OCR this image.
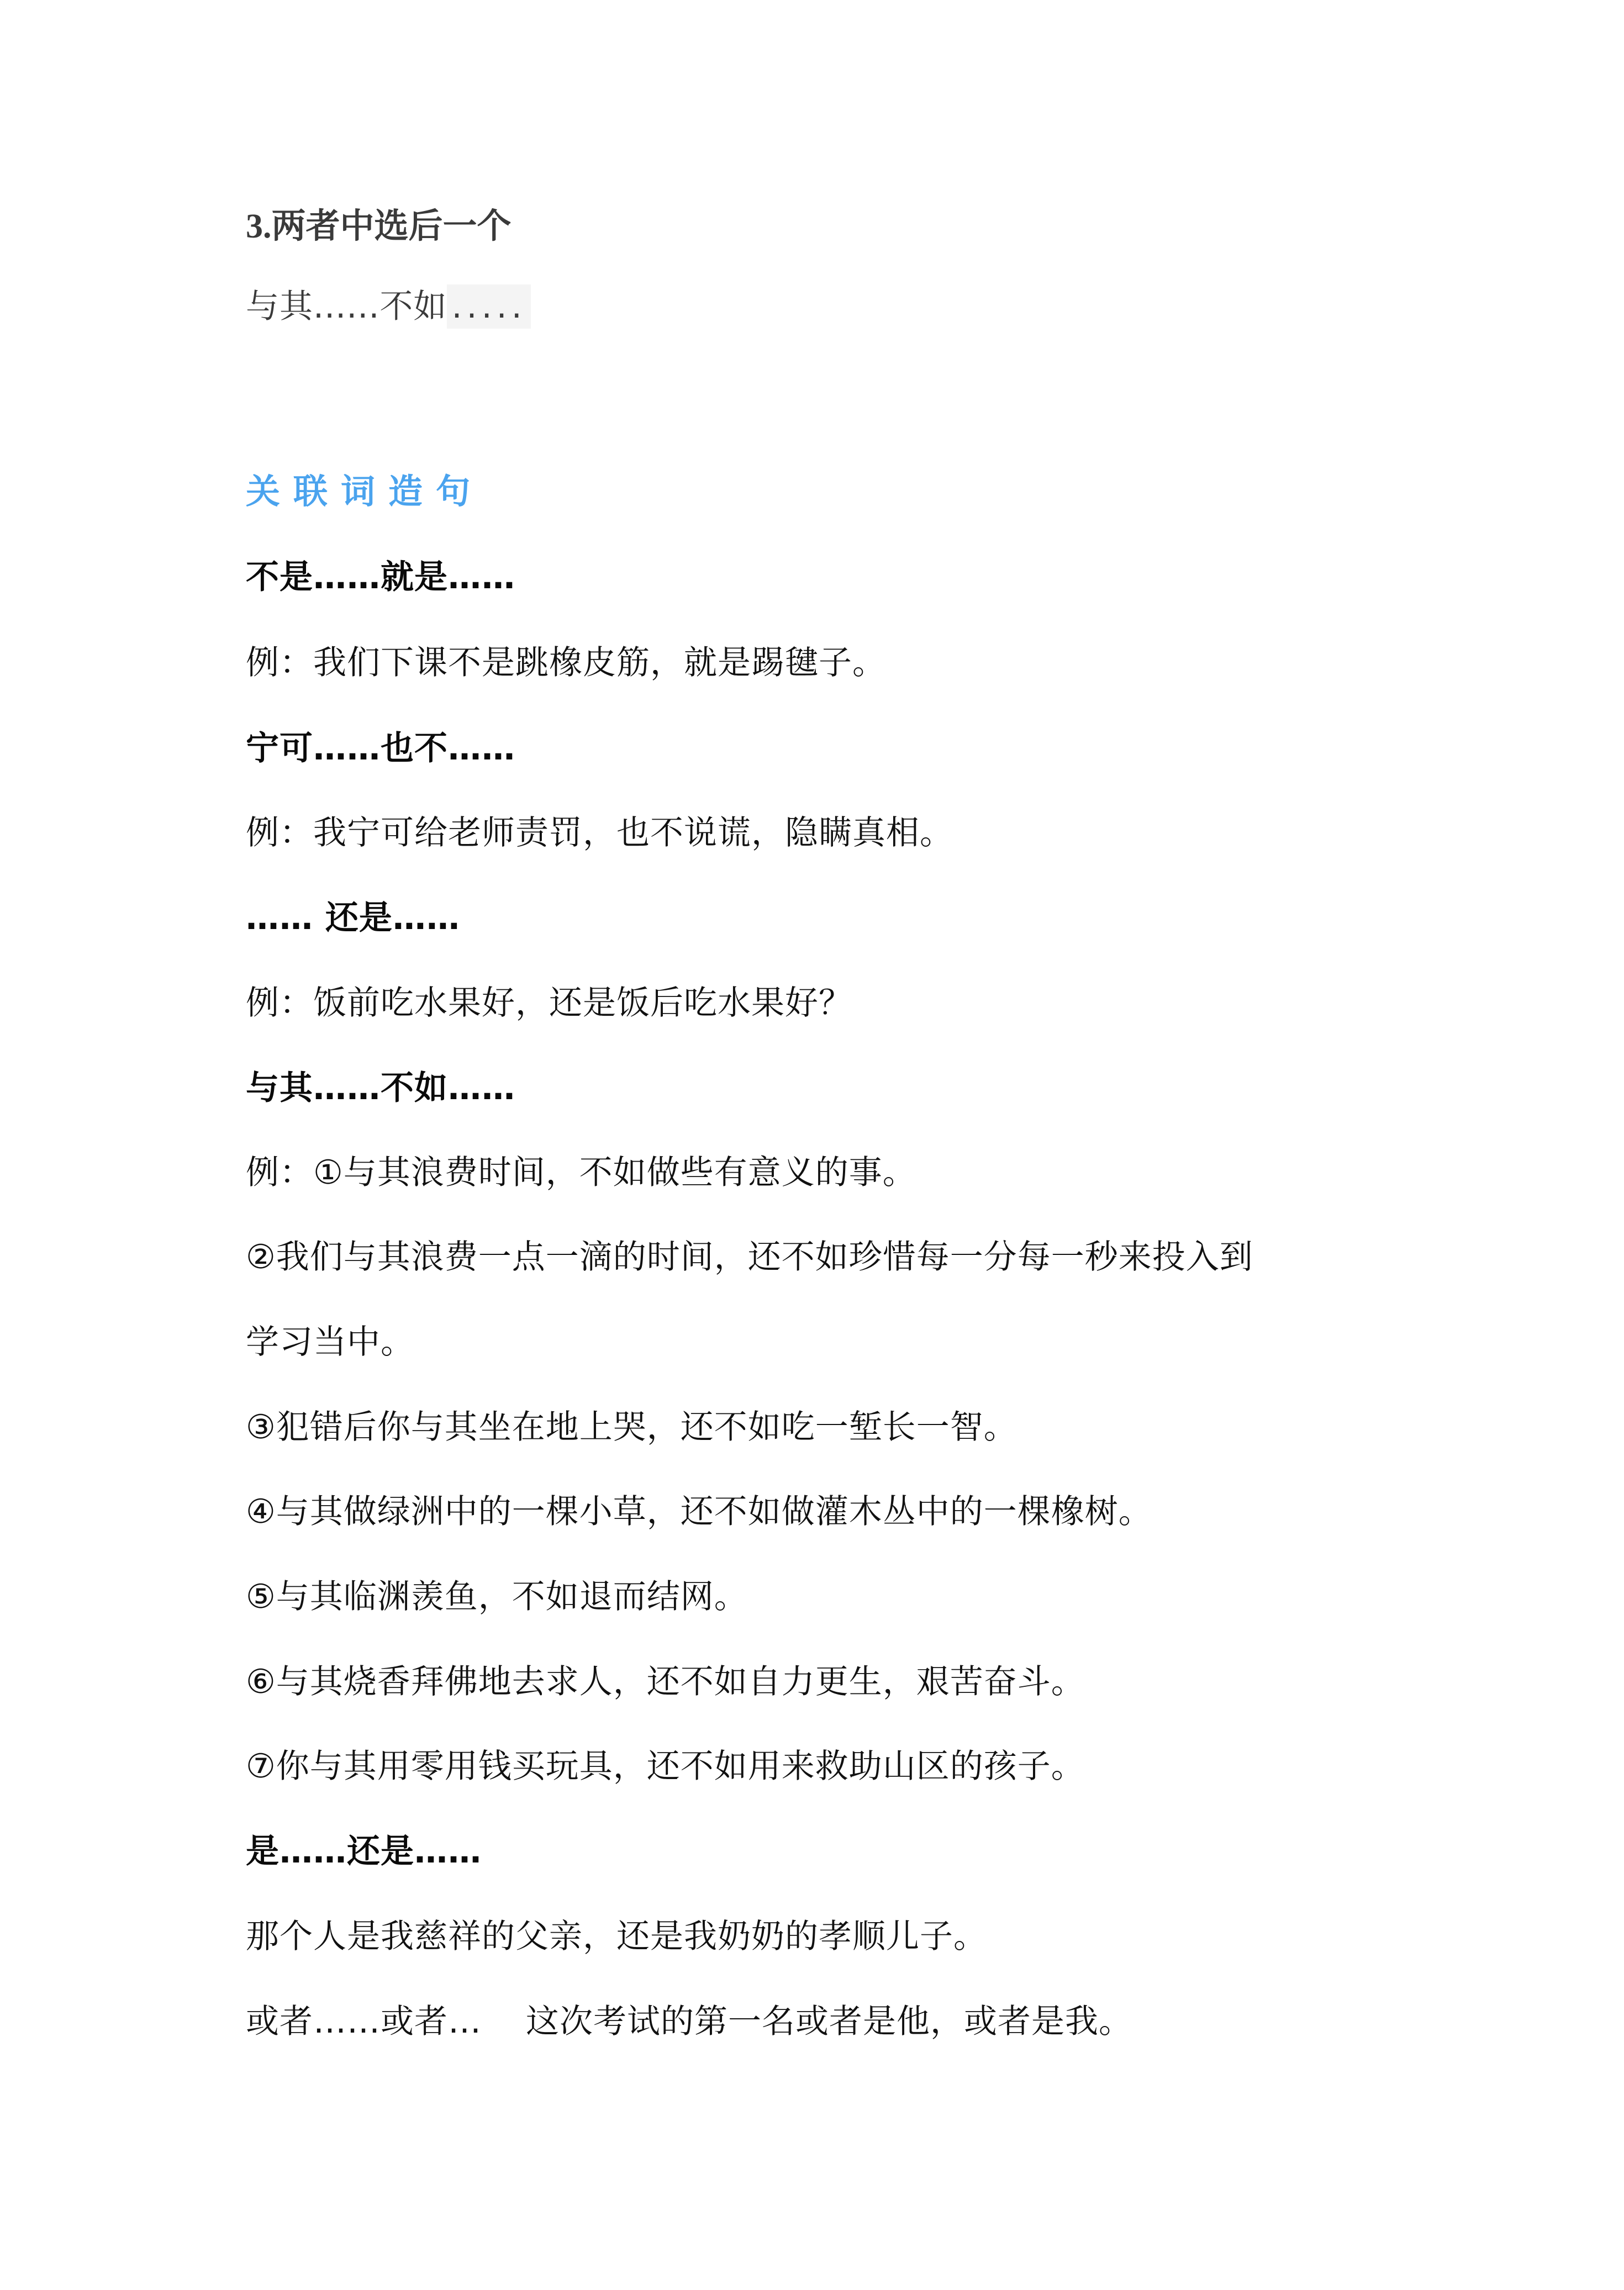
3.两者中选后一个
与其......不如 .....
关联词造句
不是……就是……
例：我们下课不是跳橡皮筋，就是踢毽子。
宁可……也不……
例：我宁可给老师责罚，也不说谎，隐瞒真相。
…… 还是……
例：饭前吃水果好，还是饭后吃水果好？
与其……不如……
例：①与其浪费时间，不如做些有意义的事。
②我们与其浪费一点一滴的时间，还不如珍惜每一分每一秒来投入到
学习当中。
③犯错后你与其坐在地上哭，还不如吃一堑长一智。
④与其做绿洲中的一棵小草，还不如做灌木丛中的一棵橡树。
⑤与其临渊羡鱼，不如退而结网。
⑥与其烧香拜佛地去求人，还不如自力更生，艰苦奋斗。
⑦你与其用零用钱买玩具，还不如用来救助山区的孩子。
是……还是……
那个人是我慈祥的父亲，还是我奶奶的孝顺儿子。
或者……或者… 这次考试的第一名或者是他，或者是我。
